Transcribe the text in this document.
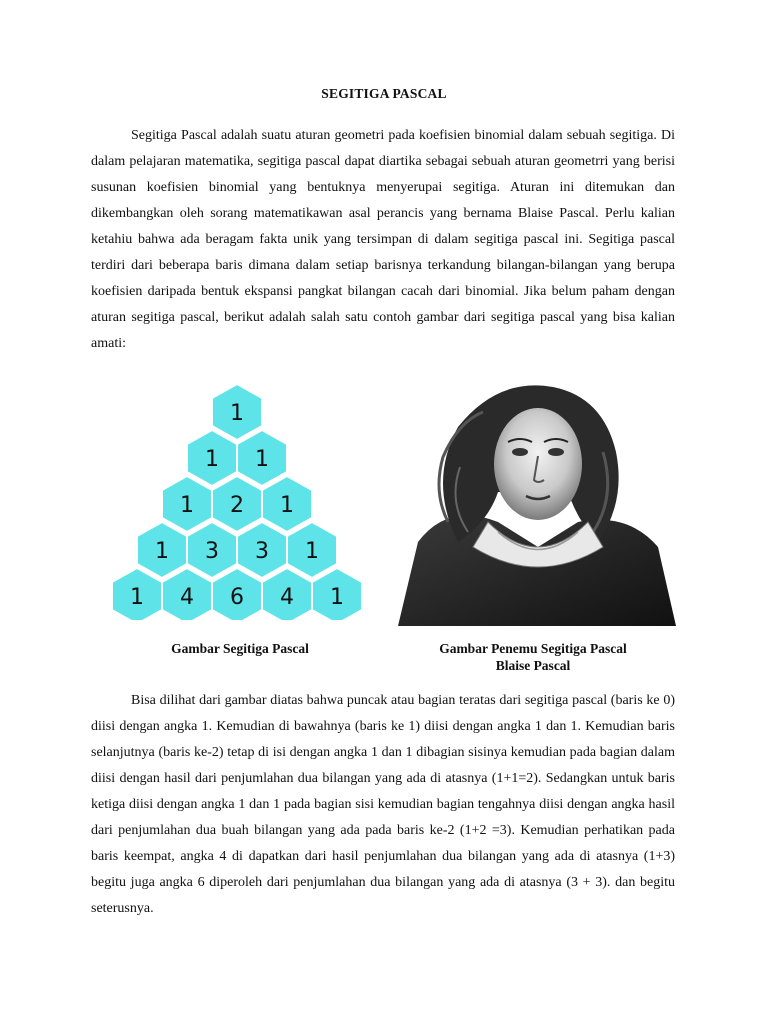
SEGITIGA PASCAL

Segitiga Pascal adalah suatu aturan geometri pada koefisien binomial dalam sebuah segitiga. Di dalam pelajaran matematika, segitiga pascal dapat diartika sebagai sebuah aturan geometrri yang berisi susunan koefisien binomial yang bentuknya menyerupai segitiga. Aturan ini ditemukan dan dikembangkan oleh sorang matematikawan asal perancis yang bernama Blaise Pascal. Perlu kalian ketahiu bahwa ada beragam fakta unik yang tersimpan di dalam segitiga pascal ini. Segitiga pascal terdiri dari beberapa baris dimana dalam setiap barisnya terkandung bilangan-bilangan yang berupa koefisien daripada bentuk ekspansi pangkat bilangan cacah dari binomial. Jika belum paham dengan aturan segitiga pascal, berikut adalah salah satu contoh gambar dari segitiga pascal yang bisa kalian amati:

1
1 1
1 2 1
1 3 3 1
1 4 6 4 1
Gambar Segitiga Pascal	Gambar Penemu Segitiga Pascal
Blaise Pascal

Bisa dilihat dari gambar diatas bahwa puncak atau bagian teratas dari segitiga pascal (baris ke 0) diisi dengan angka 1. Kemudian di bawahnya (baris ke 1) diisi dengan angka 1 dan 1. Kemudian baris selanjutnya (baris ke-2) tetap di isi dengan angka 1 dan 1 dibagian sisinya kemudian pada bagian dalam diisi dengan hasil dari penjumlahan dua bilangan yang ada di atasnya (1+1=2). Sedangkan untuk baris ketiga diisi dengan angka 1 dan 1 pada bagian sisi kemudian bagian tengahnya diisi dengan angka hasil dari penjumlahan dua buah bilangan yang ada pada baris ke-2 (1+2 =3). Kemudian perhatikan pada baris keempat, angka 4 di dapatkan dari hasil penjumlahan dua bilangan yang ada di atasnya (1+3) begitu juga angka 6 diperoleh dari penjumlahan dua bilangan yang ada di atasnya (3 + 3). dan begitu seterusnya.
